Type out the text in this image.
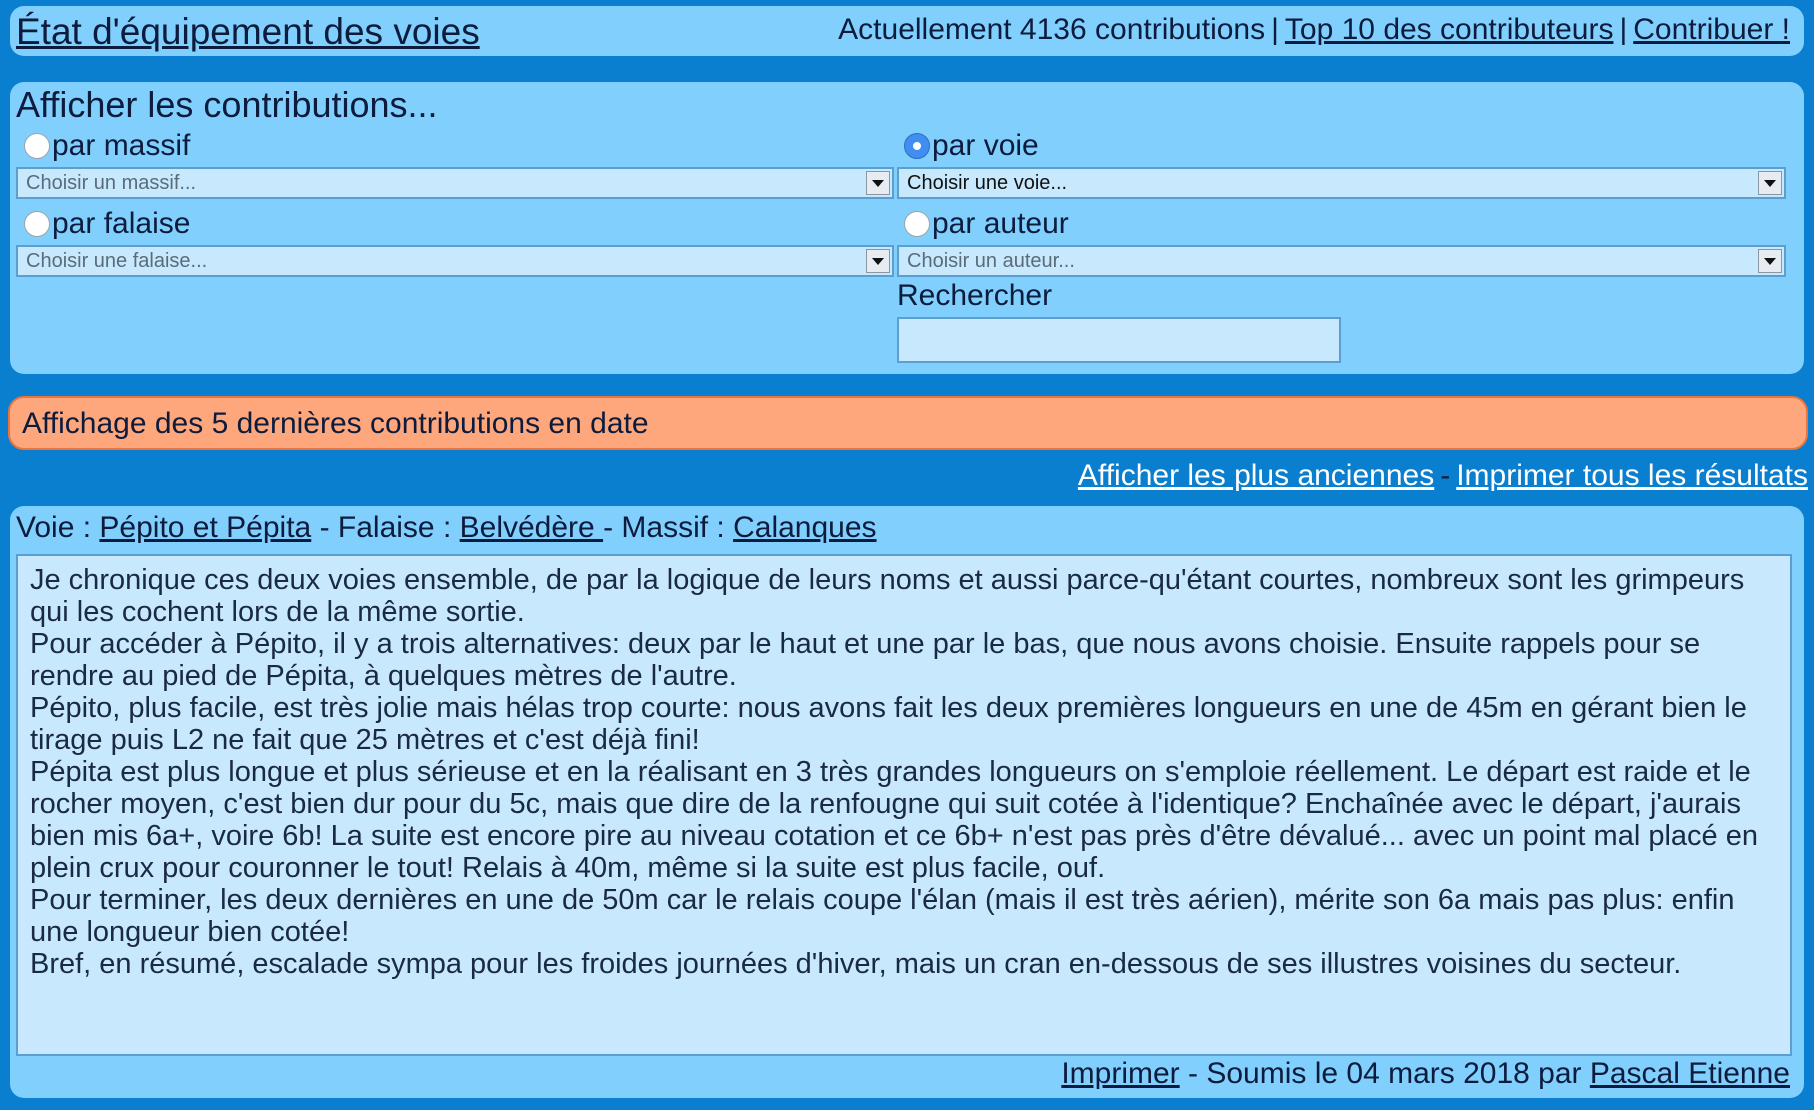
État d'équipement des voies	Actuellement 4136 contributions | Top 10 des contributeurs | Contribuer !
Afficher les contributions...
par massif
Choisir un massif...
par voie
Choisir une voie...
par falaise
Choisir une falaise...
par auteur
Choisir un auteur...
Rechercher
Affichage des 5 dernières contributions en date
Afficher les plus anciennes - Imprimer tous les résultats
Voie : Pépito et Pépita - Falaise : Belvédère - Massif : Calanques

Je chronique ces deux voies ensemble, de par la logique de leurs noms et aussi parce-qu'étant courtes, nombreux sont les grimpeurs qui les cochent lors de la même sortie.

Pour accéder à Pépito, il y a trois alternatives: deux par le haut et une par le bas, que nous avons choisie. Ensuite rappels pour se rendre au pied de Pépita, à quelques mètres de l'autre.

Pépito, plus facile, est très jolie mais hélas trop courte: nous avons fait les deux premières longueurs en une de 45m en gérant bien le tirage puis L2 ne fait que 25 mètres et c'est déjà fini!

Pépita est plus longue et plus sérieuse et en la réalisant en 3 très grandes longueurs on s'emploie réellement. Le départ est raide et le rocher moyen, c'est bien dur pour du 5c, mais que dire de la renfougne qui suit cotée à l'identique? Enchaînée avec le départ, j'aurais bien mis 6a+, voire 6b! La suite est encore pire au niveau cotation et ce 6b+ n'est pas près d'être dévalué... avec un point mal placé en plein crux pour couronner le tout! Relais à 40m, même si la suite est plus facile, ouf.

Pour terminer, les deux dernières en une de 50m car le relais coupe l'élan (mais il est très aérien), mérite son 6a mais pas plus: enfin une longueur bien cotée!

Bref, en résumé, escalade sympa pour les froides journées d'hiver, mais un cran en-dessous de ses illustres voisines du secteur.

Imprimer - Soumis le 04 mars 2018 par Pascal Etienne
